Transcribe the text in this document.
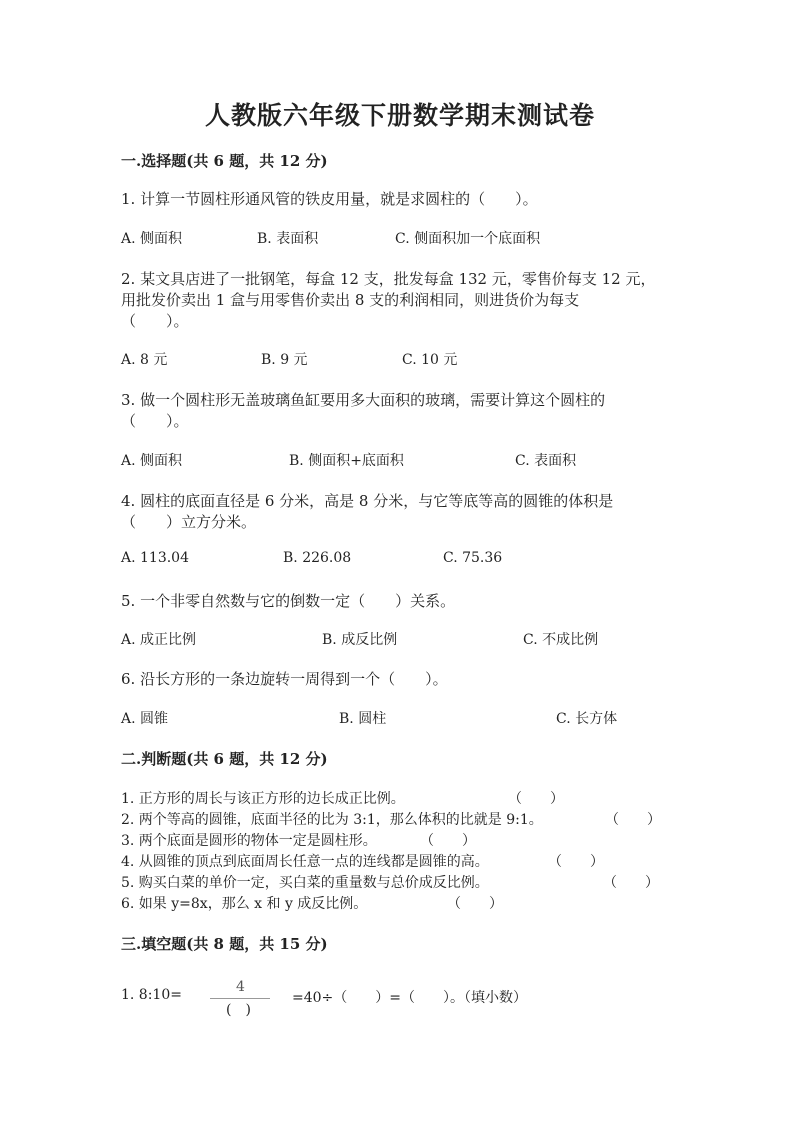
人教版六年级下册数学期末测试卷
一.选择题(共 6 题，共 12 分)
1. 计算一节圆柱形通风管的铁皮用量，就是求圆柱的（　　）。
A. 侧面积	B. 表面积	C. 侧面积加一个底面积
2. 某文具店进了一批钢笔，每盒 12 支，批发每盒 132 元，零售价每支 12 元，
用批发价卖出 1 盒与用零售价卖出 8 支的利润相同，则进货价为每支
（　　）。
A. 8 元	B. 9 元	C. 10 元
3. 做一个圆柱形无盖玻璃鱼缸要用多大面积的玻璃，需要计算这个圆柱的
（　　）。
A. 侧面积	B. 侧面积+底面积	C. 表面积
4. 圆柱的底面直径是 6 分米，高是 8 分米，与它等底等高的圆锥的体积是
（　　）立方分米。
A. 113.04	B. 226.08	C. 75.36
5. 一个非零自然数与它的倒数一定（　　）关系。
A. 成正比例	B. 成反比例	C. 不成比例
6. 沿长方形的一条边旋转一周得到一个（　　）。
A. 圆锥	B. 圆柱	C. 长方体
二.判断题(共 6 题，共 12 分)
1. 正方形的周长与该正方形的边长成正比例。	（　　）
2. 两个等高的圆锥，底面半径的比为 3:1，那么体积的比就是 9:1。	（　　）
3. 两个底面是圆形的物体一定是圆柱形。	（　　）
4. 从圆锥的顶点到底面周长任意一点的连线都是圆锥的高。	（　　）
5. 购买白菜的单价一定，买白菜的重量数与总价成反比例。	（　　）
6. 如果 y=8x，那么 x 和 y 成反比例。	（　　）
三.填空题(共 8 题，共 15 分)
1. 8:10=	4
(　)
=40÷（　　）=（　　）。（填小数）
